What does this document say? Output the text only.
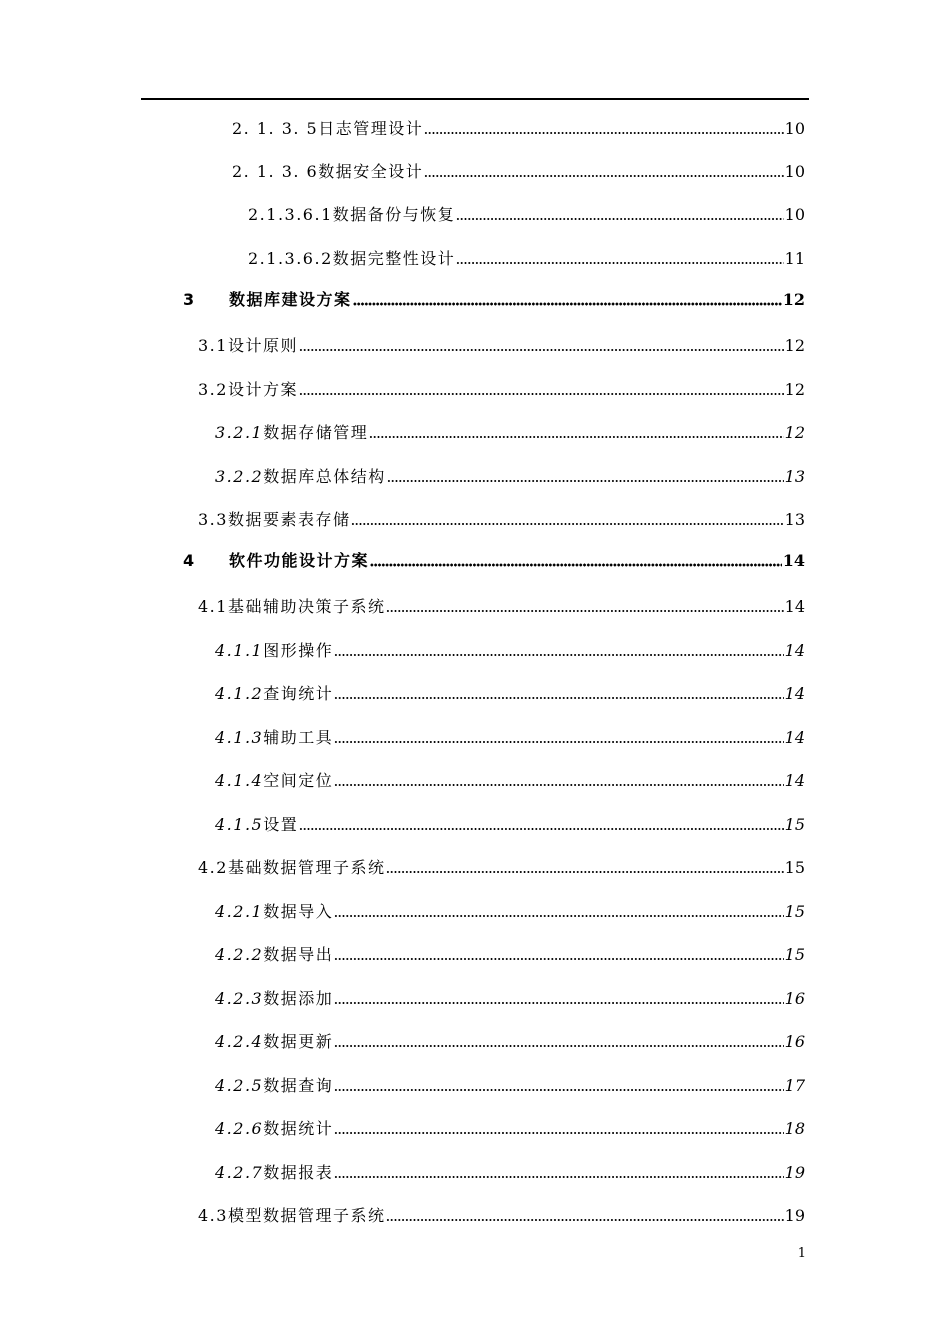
2. 1. 3. 5日志管理设计	10
2. 1. 3. 6数据安全设计	10
2.1.3.6.1数据备份与恢复	10
2.1.3.6.2数据完整性设计	11
3 数据库建设方案	12
3.1设计原则	12
3.2设计方案	12
3.2.1数据存储管理	12
3.2.2数据库总体结构	13
3.3数据要素表存储	13
4 软件功能设计方案	14
4.1基础辅助决策子系统	14
4.1.1图形操作	14
4.1.2查询统计	14
4.1.3辅助工具	14
4.1.4空间定位	14
4.1.5设置	15
4.2基础数据管理子系统	15
4.2.1数据导入	15
4.2.2数据导出	15
4.2.3数据添加	16
4.2.4数据更新	16
4.2.5数据查询	17
4.2.6数据统计	18
4.2.7数据报表	19
4.3模型数据管理子系统	19
1
